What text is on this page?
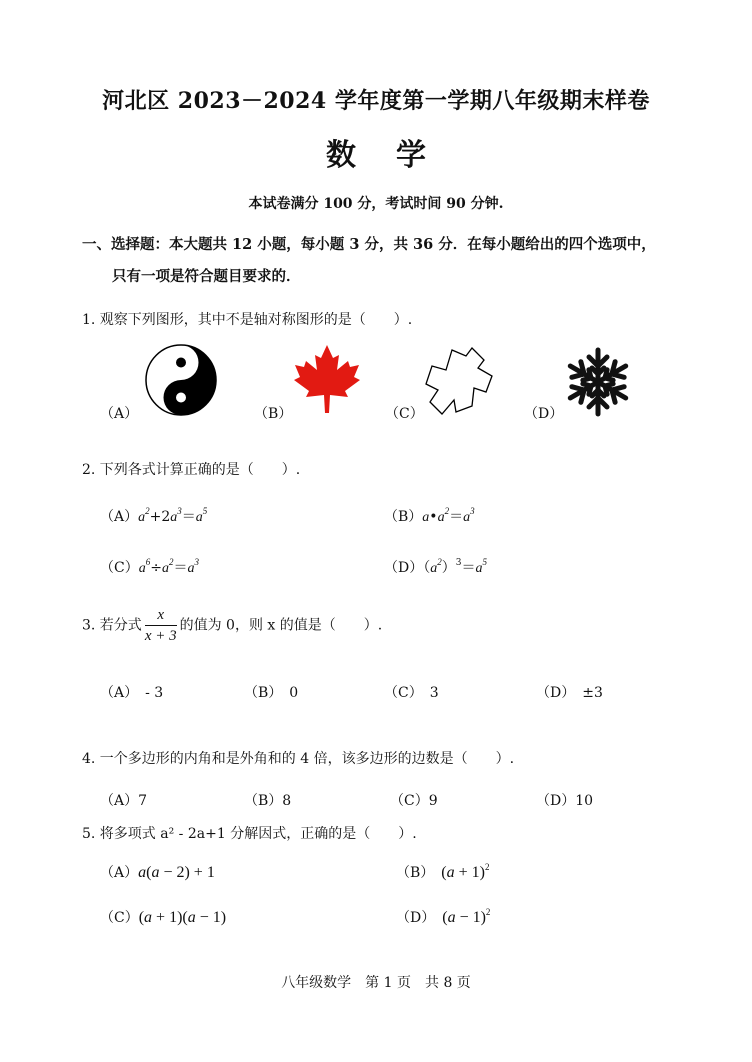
河北区 2023－2024 学年度第一学期八年级期末样卷
数学
本试卷满分 100 分，考试时间 90 分钟.
一、选择题：本大题共 12 小题，每小题 3 分，共 36 分．在每小题给出的四个选项中，
只有一项是符合题目要求的．
1. 观察下列图形，其中不是轴对称图形的是（　　）.
（A）	（B）	（C）	（D）
2. 下列各式计算正确的是（　　）.
$(A)a^2+2a^3=a^5$	$(B)a•a^2=a^3$
$(C)a^6\div a^2=a^3$	$(D)(a^2)^3=a^5$
3. 若分式 $\frac{x}{x + 3}$ 的值为 0，则 x 的值是（　　）.
（A）　- 3	（B）　0	（C）　3	（D）　±3
4. 一个多边形的内角和是外角和的 4 倍，该多边形的边数是（　　）.
（A）7	（B）8	（C）9	（D）10
5. 将多项式 a² - 2a+1 分解因式，正确的是（　　）.
（A）a(a − 2) + 1	（B）　 $(a + 1)^2$
（C）(a + 1)(a − 1)	（D）　 $(a - 1)^2$
八年级数学　第 1 页　共 8 页
